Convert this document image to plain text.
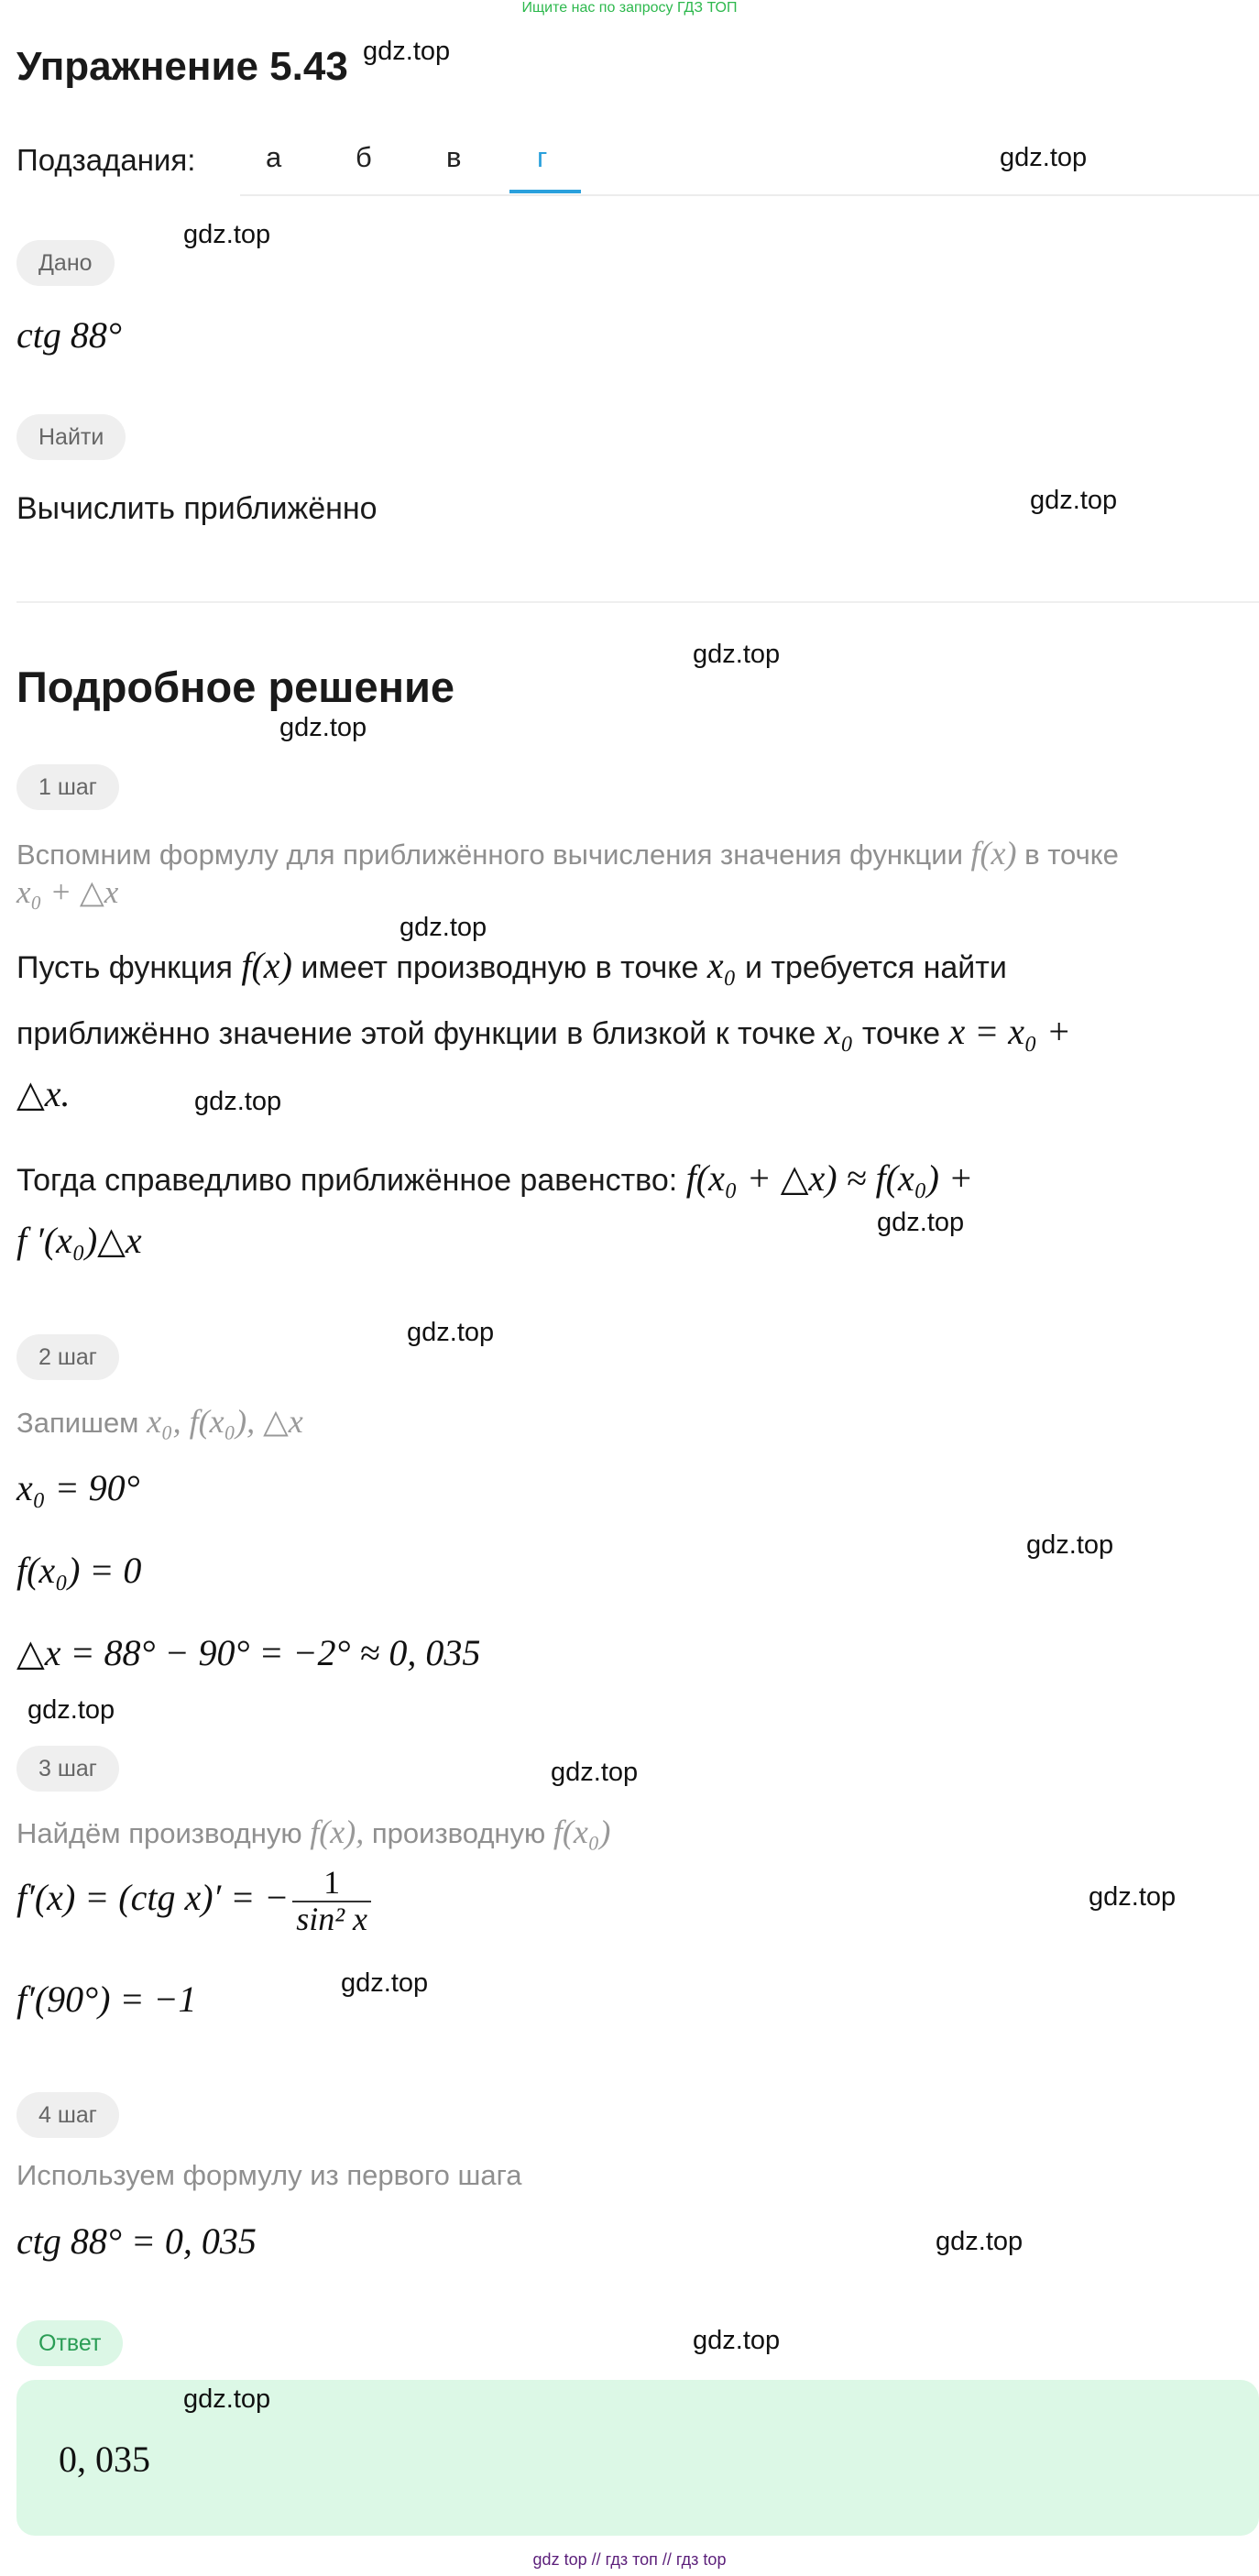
Ищите нас по запросу ГДЗ ТОП
Упражнение 5.43 gdz.top
Подзадания: а	б	в	г	gdz.top
Дано
gdz.top
ctg 88°
Найти
Вычислить приближённо	gdz.top
gdz.top
Подробное решение
gdz.top
1 шаг
Вспомним формулу для приближённого вычисления значения функции f(x) в точке
x₀ + △x
gdz.top
Пусть функция f(x) имеет производную в точке x₀ и требуется найти
приближённо значение этой функции в близкой к точке x₀ точке x = x₀ +
△x.	gdz.top
Тогда справедливо приближённое равенство: f(x₀ + △x) ≈ f(x₀) +
f ′(x₀)△x	gdz.top
gdz.top
2 шаг
Запишем x₀, f(x₀), △x
x₀ = 90°
gdz.top
f(x₀) = 0
△x = 88° − 90° = −2° ≈ 0, 035
gdz.top
3 шаг	gdz.top
Найдём производную f(x), производную f(x₀)
f′(x) = (ctg x)′ = − $\frac{1}{\text{sin² x}}$	gdz.top
f′(90°) = −1	gdz.top
4 шаг
Используем формулу из первого шага
ctg 88° = 0, 035	gdz.top
Ответ	gdz.top
gdz.top
0, 035
gdz top // гдз топ // гдз top
